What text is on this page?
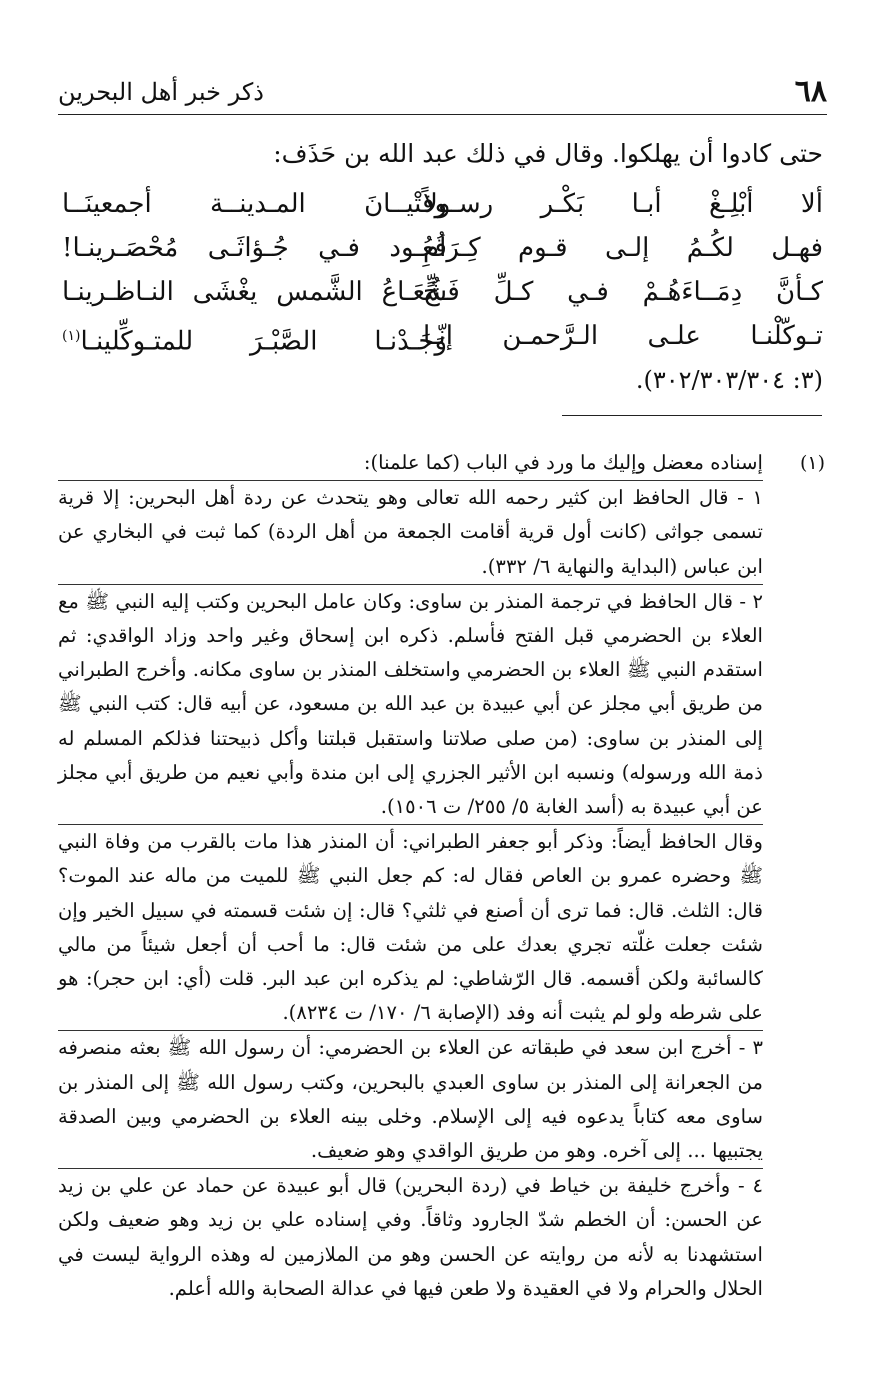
٦٨
ذكر خبر أهل البحرين
حتى كادوا أن يهلكوا. وقال في ذلك عبد الله بن حَذَف:
ألا أبْلِـغْ أبـا بَكْـر رسـولاً
وفتْيــانَ المـدينــة أجمعينَــا
فهـل لكُـمُ إلـى قـوم كِـرَامِ
قُعُـود فـي جُـؤاثَـى مُحْصَـرينـا!
كـأنَّ دِمَــاءَهُـمْ فـي كـلِّ فَـجٍّ
شُعَـاعُ الشَّمس يغْشَى النـاظـرينـا
تـوكّلْنـا علـى الـرَّحمـن إنّـا
وَجَـدْنـا الصَّبْـرَ للمتـوكِّلينـا$^{(١)}$
(٣: ٣٠٢/٣٠٣/٣٠٤).
(١)

إسناده معضل وإليك ما ورد في الباب (كما علمنا):

١ - قال الحافظ ابن كثير رحمه الله تعالى وهو يتحدث عن ردة أهل البحرين: إلا قرية تسمى جواثى (كانت أول قرية أقامت الجمعة من أهل الردة) كما ثبت في البخاري عن ابن عباس (البداية والنهاية ٦/ ٣٣٢).

٢ - قال الحافظ في ترجمة المنذر بن ساوى: وكان عامل البحرين وكتب إليه النبي ﷺ مع العلاء بن الحضرمي قبل الفتح فأسلم. ذكره ابن إسحاق وغير واحد وزاد الواقدي: ثم استقدم النبي ﷺ العلاء بن الحضرمي واستخلف المنذر بن ساوى مكانه. وأخرج الطبراني من طريق أبي مجلز عن أبي عبيدة بن عبد الله بن مسعود، عن أبيه قال: كتب النبي ﷺ إلى المنذر بن ساوى: (من صلى صلاتنا واستقبل قبلتنا وأكل ذبيحتنا فذلكم المسلم له ذمة الله ورسوله) ونسبه ابن الأثير الجزري إلى ابن مندة وأبي نعيم من طريق أبي مجلز عن أبي عبيدة به (أسد الغابة ٥/ ٢٥٥/ ت ١٥٠٦).

وقال الحافظ أيضاً: وذكر أبو جعفر الطبراني: أن المنذر هذا مات بالقرب من وفاة النبي ﷺ وحضره عمرو بن العاص فقال له: كم جعل النبي ﷺ للميت من ماله عند الموت؟ قال: الثلث. قال: فما ترى أن أصنع في ثلثي؟ قال: إن شئت قسمته في سبيل الخير وإن شئت جعلت غلّته تجري بعدك على من شئت قال: ما أحب أن أجعل شيئاً من مالي كالسائبة ولكن أقسمه. قال الرّشاطي: لم يذكره ابن عبد البر. قلت (أي: ابن حجر): هو على شرطه ولو لم يثبت أنه وفد (الإصابة ٦/ ١٧٠/ ت ٨٢٣٤).

٣ - أخرج ابن سعد في طبقاته عن العلاء بن الحضرمي: أن رسول الله ﷺ بعثه منصرفه من الجعرانة إلى المنذر بن ساوى العبدي بالبحرين، وكتب رسول الله ﷺ إلى المنذر بن ساوى معه كتاباً يدعوه فيه إلى الإسلام. وخلى بينه العلاء بن الحضرمي وبين الصدقة يجتبيها ... إلى آخره. وهو من طريق الواقدي وهو ضعيف.

٤ - وأخرج خليفة بن خياط في (ردة البحرين) قال أبو عبيدة عن حماد عن علي بن زيد عن الحسن: أن الخطم شدّ الجارود وثاقاً. وفي إسناده علي بن زيد وهو ضعيف ولكن استشهدنا به لأنه من روايته عن الحسن وهو من الملازمين له وهذه الرواية ليست في الحلال والحرام ولا في العقيدة ولا طعن فيها في عدالة الصحابة والله أعلم.
